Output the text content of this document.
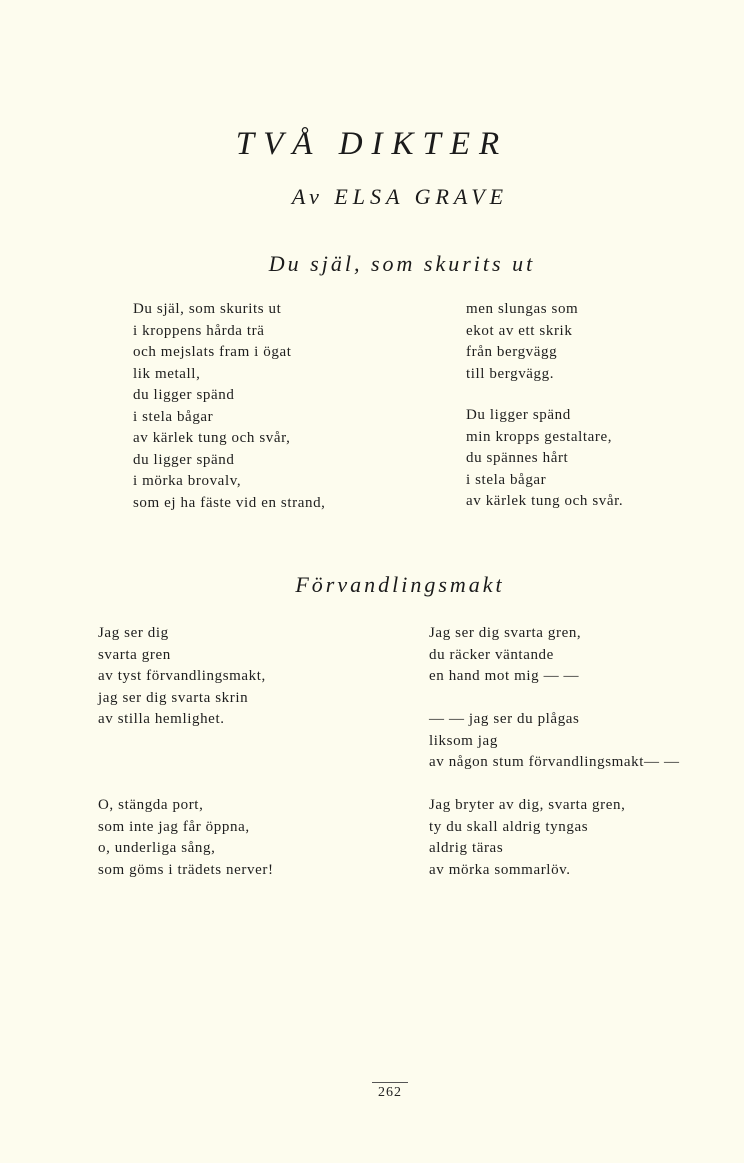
TVÅ DIKTER
Av ELSA GRAVE
Du själ, som skurits ut
Du själ, som skurits ut
i kroppens hårda trä
och mejslats fram i ögat
lik metall,
du ligger spänd
i stela bågar
av kärlek tung och svår,
du ligger spänd
i mörka brovalv,
som ej ha fäste vid en strand,
men slungas som
ekot av ett skrik
från bergvägg
till bergvägg.
Du ligger spänd
min kropps gestaltare,
du spännes hårt
i stela bågar
av kärlek tung och svår.
Förvandlingsmakt
Jag ser dig
svarta gren
av tyst förvandlingsmakt,
jag ser dig svarta skrin
av stilla hemlighet.
Jag ser dig svarta gren,
du räcker väntande
en hand mot mig — —
— — jag ser du plågas
liksom jag
av någon stum förvandlingsmakt— —
O, stängda port,
som inte jag får öppna,
o, underliga sång,
som göms i trädets nerver!
Jag bryter av dig, svarta gren,
ty du skall aldrig tyngas
aldrig täras
av mörka sommarlöv.
262
